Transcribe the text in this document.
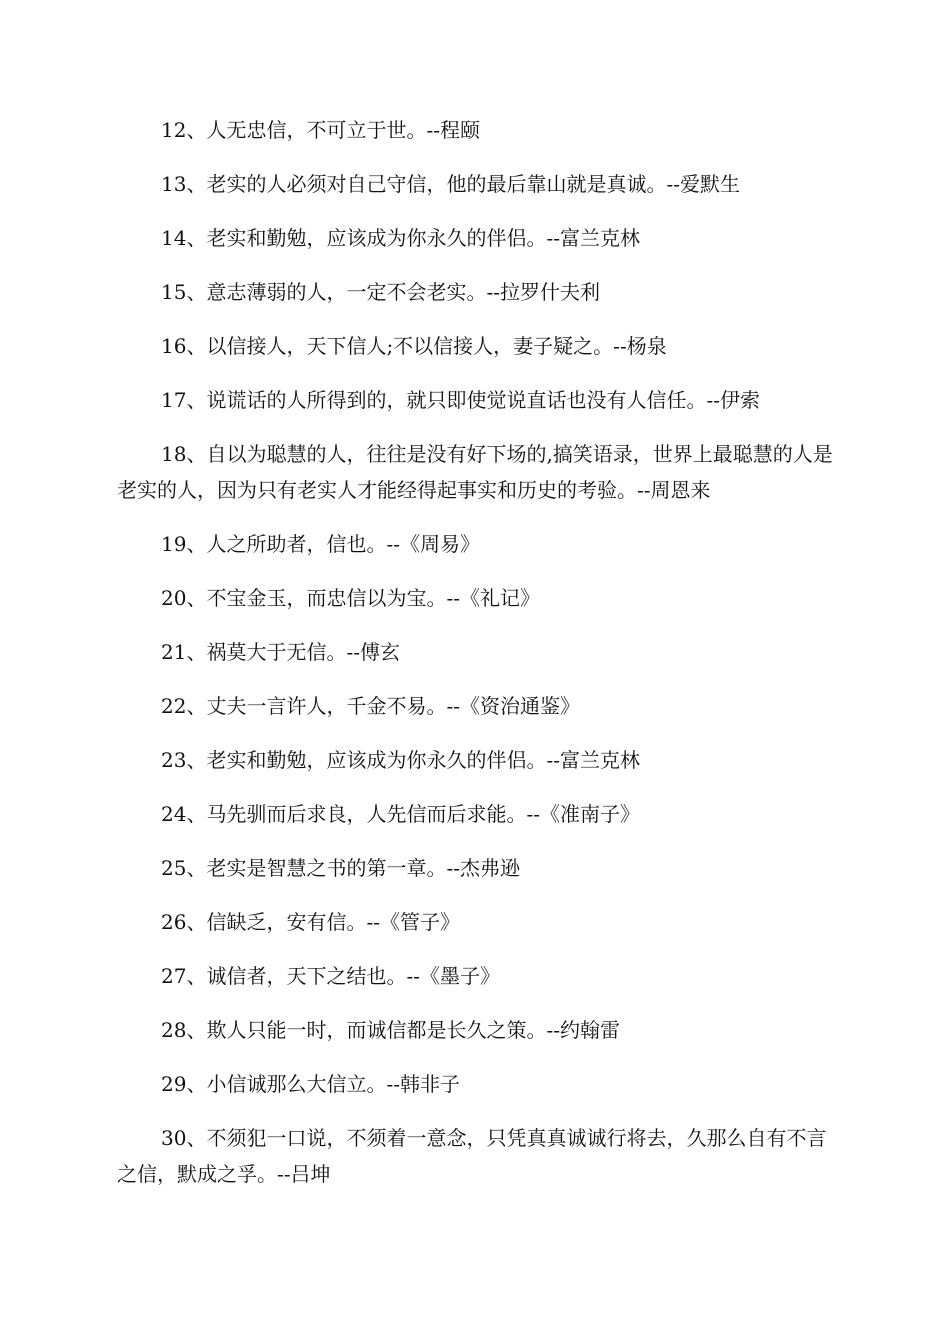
12、人无忠信，不可立于世。--程颐

13、老实的人必须对自己守信，他的最后靠山就是真诚。--爱默生

14、老实和勤勉，应该成为你永久的伴侣。--富兰克林

15、意志薄弱的人，一定不会老实。--拉罗什夫利

16、以信接人，天下信人;不以信接人，妻子疑之。--杨泉

17、说谎话的人所得到的，就只即使觉说直话也没有人信任。--伊索

18、自以为聪慧的人，往往是没有好下场的,搞笑语录，世界上最聪慧的人是老实的人，因为只有老实人才能经得起事实和历史的考验。--周恩来

19、人之所助者，信也。--《周易》

20、不宝金玉，而忠信以为宝。--《礼记》

21、祸莫大于无信。--傅玄

22、丈夫一言许人，千金不易。--《资治通鉴》

23、老实和勤勉，应该成为你永久的伴侣。--富兰克林

24、马先驯而后求良，人先信而后求能。--《准南子》

25、老实是智慧之书的第一章。--杰弗逊

26、信缺乏，安有信。--《管子》

27、诚信者，天下之结也。--《墨子》

28、欺人只能一时，而诚信都是长久之策。--约翰雷

29、小信诚那么大信立。--韩非子

30、不须犯一口说，不须着一意念，只凭真真诚诚行将去，久那么自有不言之信，默成之孚。--吕坤
